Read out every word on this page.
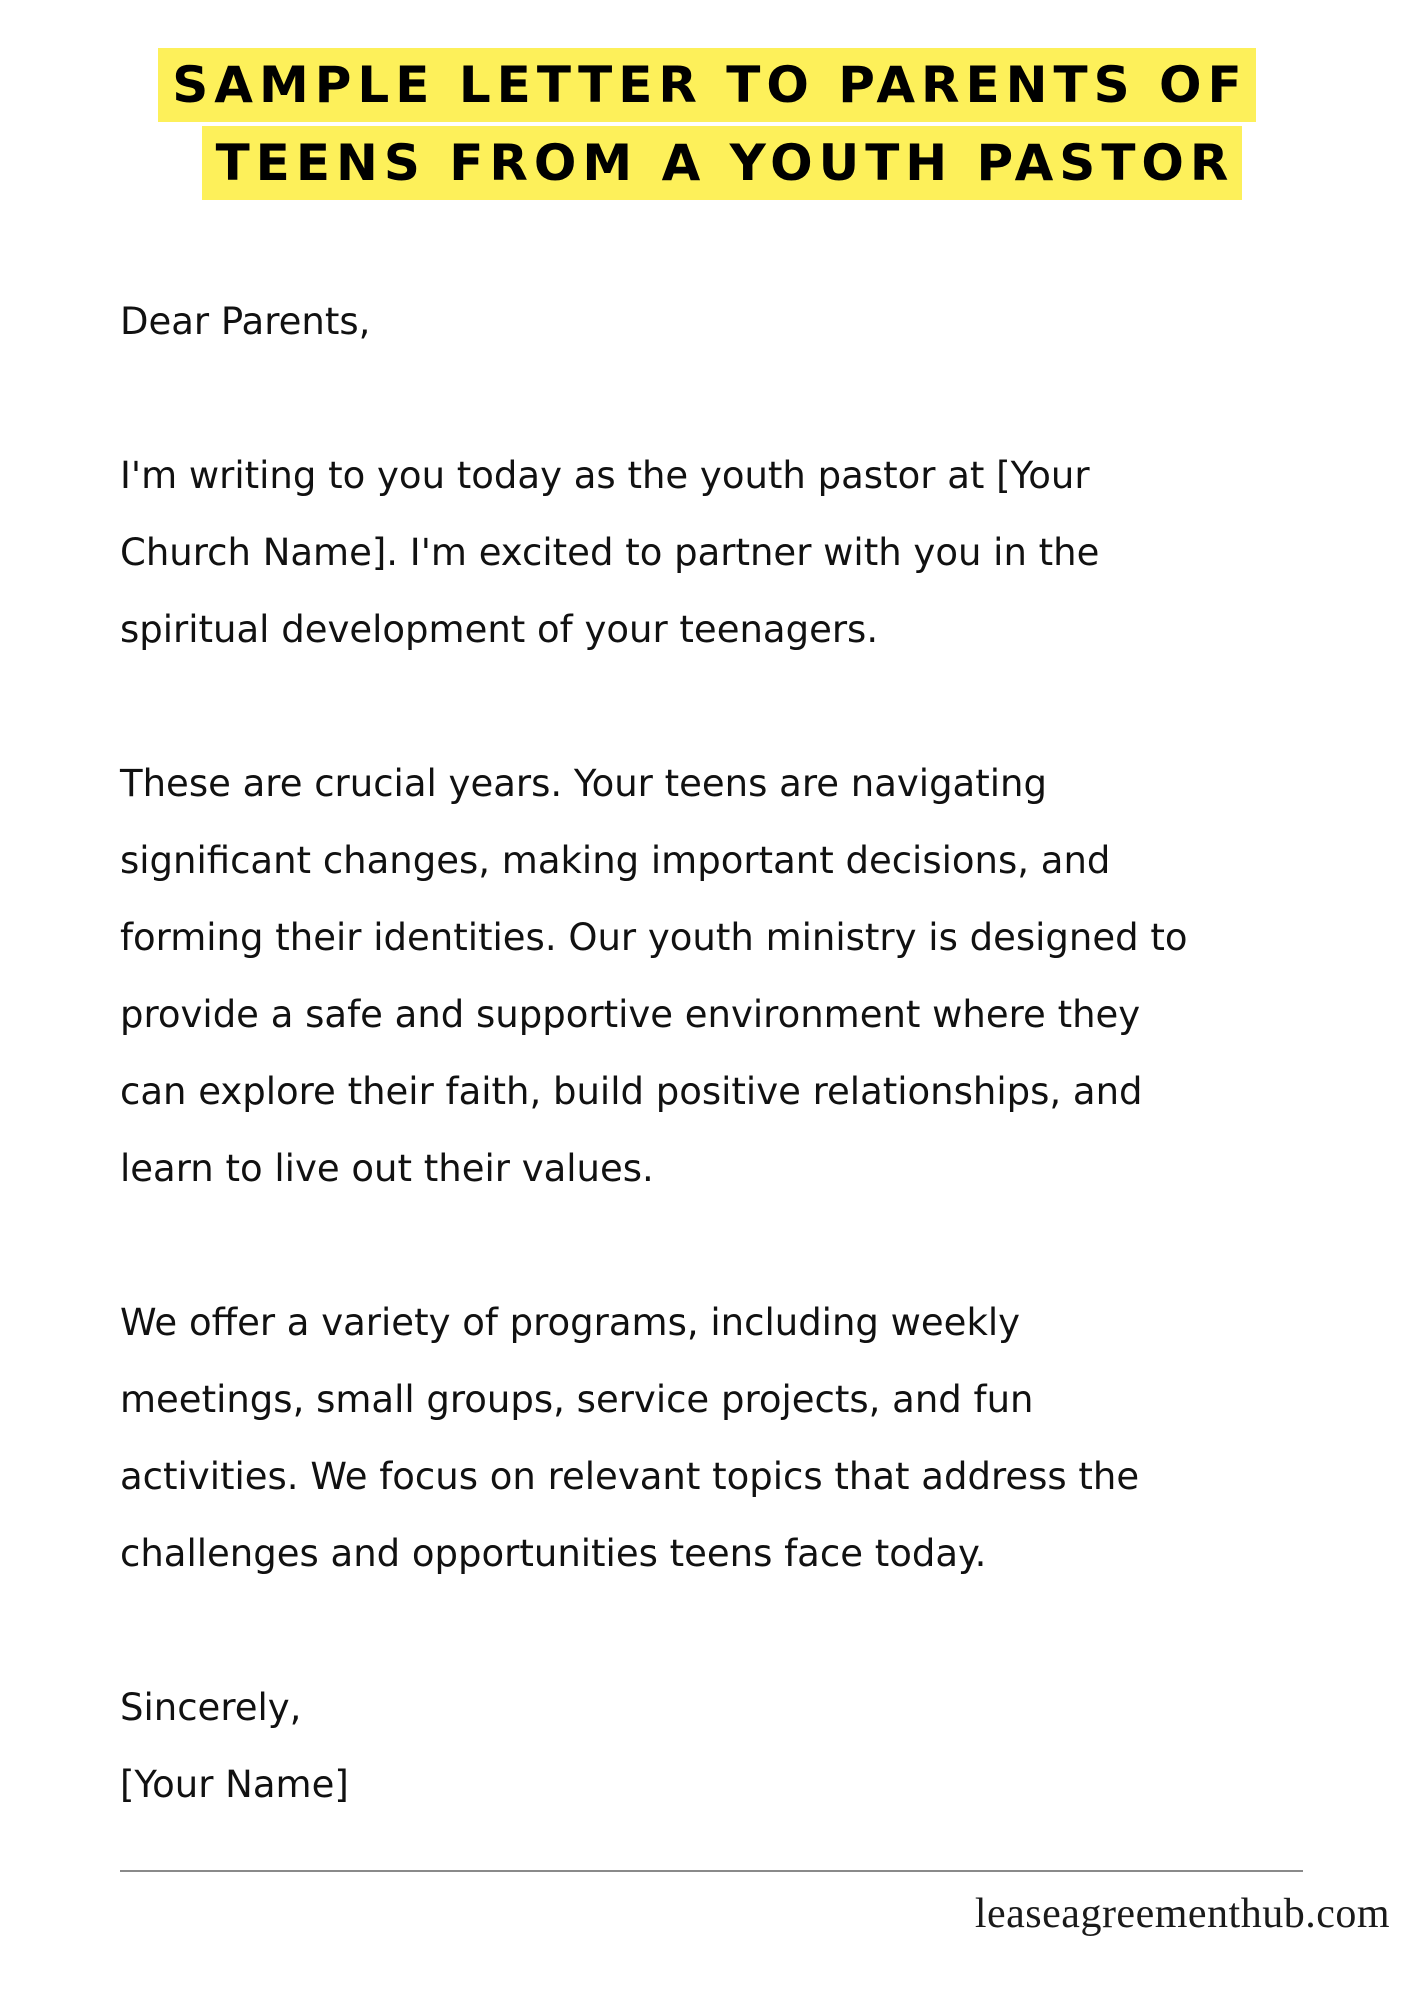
SAMPLE LETTER TO PARENTS OF
TEENS FROM A YOUTH PASTOR

Dear Parents,

I'm writing to you today as the youth pastor at [Your

Church Name]. I'm excited to partner with you in the

spiritual development of your teenagers.

These are crucial years. Your teens are navigating

significant changes, making important decisions, and

forming their identities. Our youth ministry is designed to

provide a safe and supportive environment where they

can explore their faith, build positive relationships, and

learn to live out their values.

We offer a variety of programs, including weekly

meetings, small groups, service projects, and fun

activities. We focus on relevant topics that address the

challenges and opportunities teens face today.

Sincerely,

[Your Name]

leaseagreementhub.com
